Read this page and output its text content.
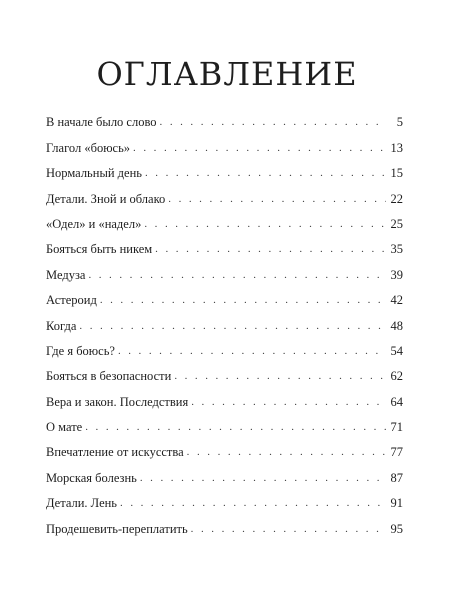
ОГЛАВЛЕНИЕ
В начале было слово . . .	5
Глагол «боюсь» . . .	13
Нормальный день . . .	15
Детали. Зной и облако . . .	22
«Одел» и «надел» . . .	25
Бояться быть никем . . .	35
Медуза . . .	39
Астероид . . .	42
Когда . . .	48
Где я боюсь? . . .	54
Бояться в безопасности . . .	62
Вера и закон. Последствия . . .	64
О мате . . .	71
Впечатление от искусства . . .	77
Морская болезнь . . .	87
Детали. Лень . . .	91
Продешевить-переплатить . . .	95
